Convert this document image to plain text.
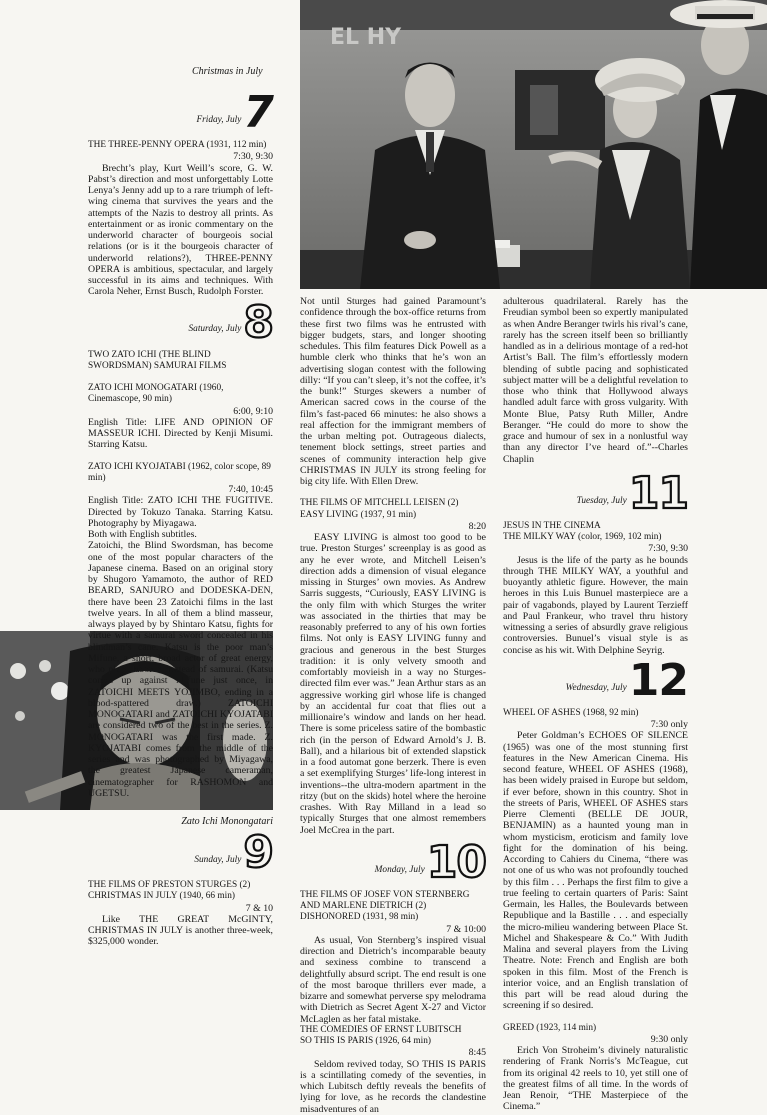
EL HY
Zato Ichi Monongatari
Christmas in July
Friday, July 7
THE THREE-PENNY OPERA (1931, 112 min)
7:30, 9:30
Brecht’s play, Kurt Weill’s score, G. W. Pabst’s direction and most unforgettably Lotte Lenya’s Jenny add up to a rare triumph of left-wing cinema that survives the years and the attempts of the Nazis to destroy all prints. As entertainment or as ironic commentary on the underworld character of bourgeois social relations (or is it the bourgeois character of underworld relations?), THREE-PENNY OPERA is ambitious, spectacular, and largely successful in its aims and techniques. With Carola Neher, Ernst Busch, Rudolph Forster.
Saturday, July 8
TWO ZATO ICHI (THE BLIND SWORDSMAN) SAMURAI FILMS
ZATO ICHI MONOGATARI (1960, Cinemascope, 90 min)
6:00, 9:10
English Title: LIFE AND OPINION OF MASSEUR ICHI. Directed by Kenji Misumi. Starring Katsu.
ZATO ICHI KYOJATABI (1962, color scope, 89 min)
7:40, 10:45
English Title: ZATO ICHI THE FUGITIVE. Directed by Tokuzo Tanaka. Starring Katsu. Photography by Miyagawa.
Both with English subtitles.
Zatoichi, the Blind Swordsman, has become one of the most popular characters of the Japanese cinema. Based on an original story by Shugoro Yamamoto, the author of RED BEARD, SANJURO and DODESKA-DEN, there have been 23 Zatoichi films in the last twelve years. In all of them a blind masseur, always played by by Shintaro Katsu, fights for virtue with a samurai sword concealed in his blindman’s cane. Katsu is the poor man’s Mifune, a short, broad actor of great energy, who plays laborers instead of samurai. (Katsu comes up against Mifune just once, in ZATOICHI MEETS YOJIMBO, ending in a blood-spattered draw.) ZATOICHI MONOGATARI and ZATOICHI KYOJATABI are considered two of the best in the series. Z. MONOGATARI was the first made. Z. KYOJATABI comes from the middle of the series and was photographed by Miyagawa, the greatest Japanese cameraman, cinematographer for RASHOMON and UGETSU.
Sunday, July 9
THE FILMS OF PRESTON STURGES (2)
CHRISTMAS IN JULY (1940, 66 min)
7 & 10
Like THE GREAT McGINTY, CHRISTMAS IN JULY is another three-week, $325,000 wonder.
Not until Sturges had gained Paramount’s confidence through the box-office returns from these first two films was he entrusted with bigger budgets, stars, and longer shooting schedules. This film features Dick Powell as a humble clerk who thinks that he’s won an advertising slogan contest with the following dilly: “If you can’t sleep, it’s not the coffee, it’s the bunk!” Sturges skewers a number of American sacred cows in the course of the film’s fast-paced 66 minutes: he also shows a real affection for the immigrant members of the urban melting pot. Outrageous dialects, tenement block settings, street parties and scenes of community interaction help give CHRISTMAS IN JULY its strong feeling for big city life. With Ellen Drew.
THE FILMS OF MITCHELL LEISEN (2)
EASY LIVING (1937, 91 min)
8:20
EASY LIVING is almost too good to be true. Preston Sturges’ screenplay is as good as any he ever wrote, and Mitchell Leisen’s direction adds a dimension of visual elegance missing in Sturges’ own movies. As Andrew Sarris suggests, “Curiously, EASY LIVING is the only film with which Sturges the writer was associated in the thirties that may be reasonably preferred to any of his own forties films. Not only is EASY LIVING funny and gracious and generous in the best Sturges tradition: it is only velvety smooth and comfortably movieish in a way no Sturges-directed film ever was.” Jean Arthur stars as an aggressive working girl whose life is changed by an accidental fur coat that flies out a millionaire’s window and lands on her head. There is some priceless satire of the bombastic rich (in the person of Edward Arnold’s J. B. Ball), and a hilarious bit of extended slapstick in a food automat gone berzerk. There is even a set exemplifying Sturges’ life-long interest in inventions--the ultra-modern apartment in the ritzy (but on the skids) hotel where the heroine crashes. With Ray Milland in a lead so typically Sturges that one almost remembers Joel McCrea in the part.
Monday, July 10
THE FILMS OF JOSEF VON STERNBERG AND MARLENE DIETRICH (2)
DISHONORED (1931, 98 min)
7 & 10:00
As usual, Von Sternberg’s inspired visual direction and Dietrich’s incomparable beauty and sexiness combine to transcend a delightfully absurd script. The end result is one of the most baroque thrillers ever made, a bizarre and somewhat perverse spy melodrama with Dietrich as Secret Agent X-27 and Victor McLaglen as her fatal mistake.
THE COMEDIES OF ERNST LUBITSCH
SO THIS IS PARIS (1926, 64 min)
8:45
Seldom revived today, SO THIS IS PARIS is a scintillating comedy of the seventies, in which Lubitsch deftly reveals the benefits of lying for love, as he records the clandestine misadventures of an
adulterous quadrilateral. Rarely has the Freudian symbol been so expertly manipulated as when Andre Beranger twirls his rival’s cane, rarely has the screen itself been so brilliantly handled as in a delirious montage of a red-hot Artist’s Ball. The film’s effortlessly modern blending of subtle pacing and sophisticated subject matter will be a delightful revelation to those who think that Hollywood always handled adult farce with gross vulgarity. With Monte Blue, Patsy Ruth Miller, Andre Beranger. “He could do more to show the grace and humour of sex in a nonlustful way than any director I’ve heard of.”--Charles Chaplin
Tuesday, July 11
JESUS IN THE CINEMA
THE MILKY WAY (color, 1969, 102 min)
7:30, 9:30
Jesus is the life of the party as he bounds through THE MILKY WAY, a youthful and buoyantly athletic figure. However, the main heroes in this Luis Bunuel masterpiece are a pair of vagabonds, played by Laurent Terzieff and Paul Frankeur, who travel thru history witnessing a series of absurdly grave religious controversies. Bunuel’s visual style is as concise as his wit. With Delphine Seyrig.
Wednesday, July 12
WHEEL OF ASHES (1968, 92 min)
7:30 only
Peter Goldman’s ECHOES OF SILENCE (1965) was one of the most stunning first features in the New American Cinema. His second feature, WHEEL OF ASHES (1968), has been widely praised in Europe but seldom, if ever before, shown in this country. Shot in the streets of Paris, WHEEL OF ASHES stars Pierre Clementi (BELLE DE JOUR, BENJAMIN) as a haunted young man in whom mysticism, eroticism and family love fight for the domination of his being. According to Cahiers du Cinema, “there was not one of us who was not profoundly touched by this film . . . Perhaps the first film to give a true feeling to certain quarters of Paris: Saint Germain, les Halles, the Boulevards between Republique and la Bastille . . . and especially the micro-milieu wandering between Place St. Michel and Shakespeare & Co.” With Judith Malina and several players from the Living Theatre. Note: French and English are both spoken in this film. Most of the French is interior voice, and an English translation of this part will be read aloud during the screening if so desired.
GREED (1923, 114 min)
9:30 only
Erich Von Stroheim’s divinely naturalistic rendering of Frank Norris’s McTeague, cut from its original 42 reels to 10, yet still one of the greatest films of all time. In the words of Jean Renoir, “THE Masterpiece of the Cinema.”
